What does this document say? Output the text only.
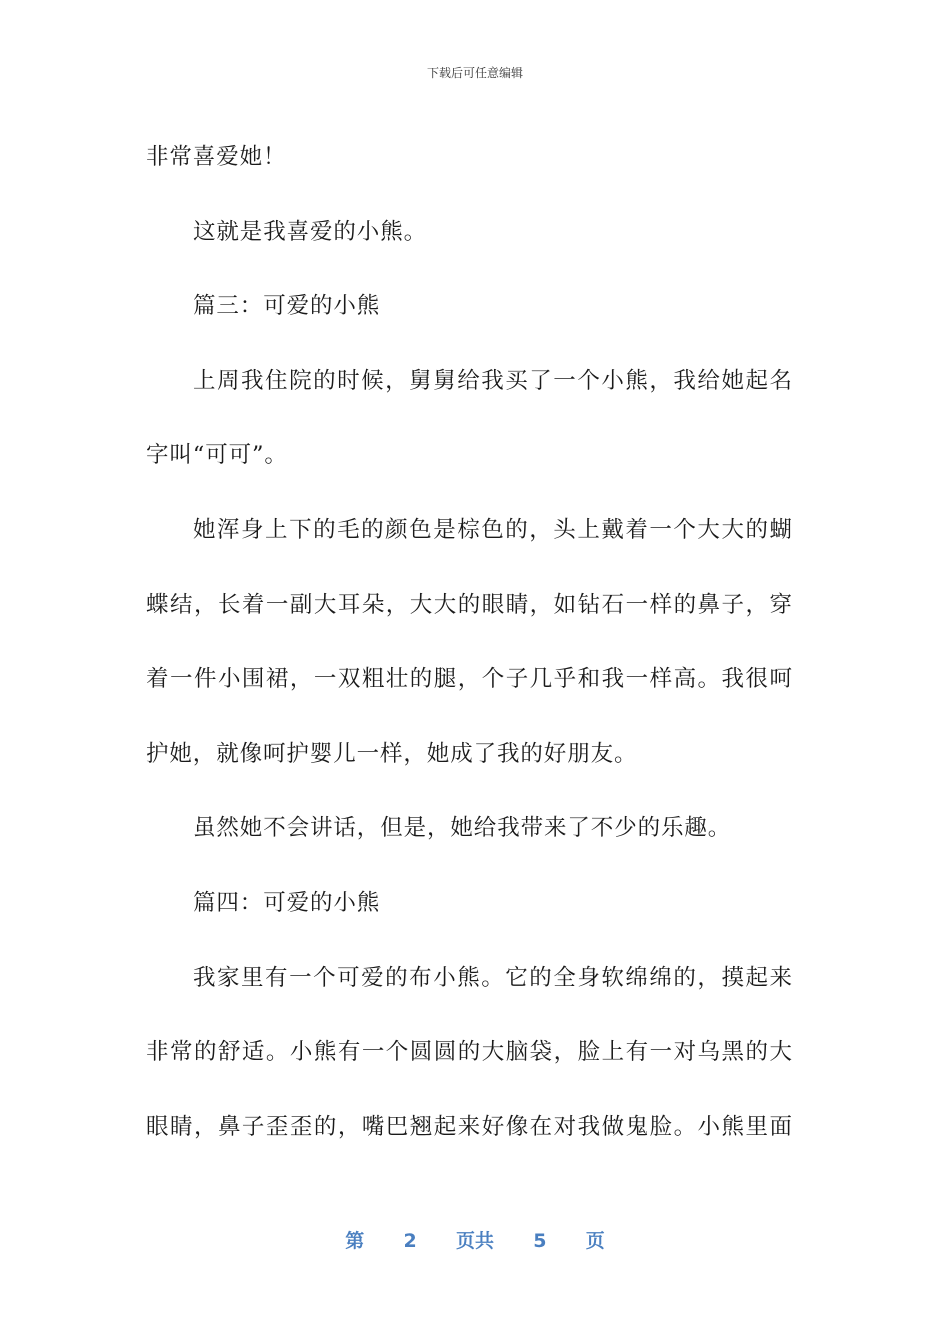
下载后可任意编辑
非常喜爱她！
这就是我喜爱的小熊。
篇三：可爱的小熊
上周我住院的时候，舅舅给我买了一个小熊，我给她起名
字叫“可可”。
她浑身上下的毛的颜色是棕色的，头上戴着一个大大的蝴
蝶结，长着一副大耳朵，大大的眼睛，如钻石一样的鼻子，穿
着一件小围裙，一双粗壮的腿，个子几乎和我一样高。我很呵
护她，就像呵护婴儿一样，她成了我的好朋友。
虽然她不会讲话，但是，她给我带来了不少的乐趣。
篇四：可爱的小熊
我家里有一个可爱的布小熊。它的全身软绵绵的，摸起来
非常的舒适。小熊有一个圆圆的大脑袋，脸上有一对乌黑的大
眼睛，鼻子歪歪的，嘴巴翘起来好像在对我做鬼脸。小熊里面
第 2 页共 5 页
